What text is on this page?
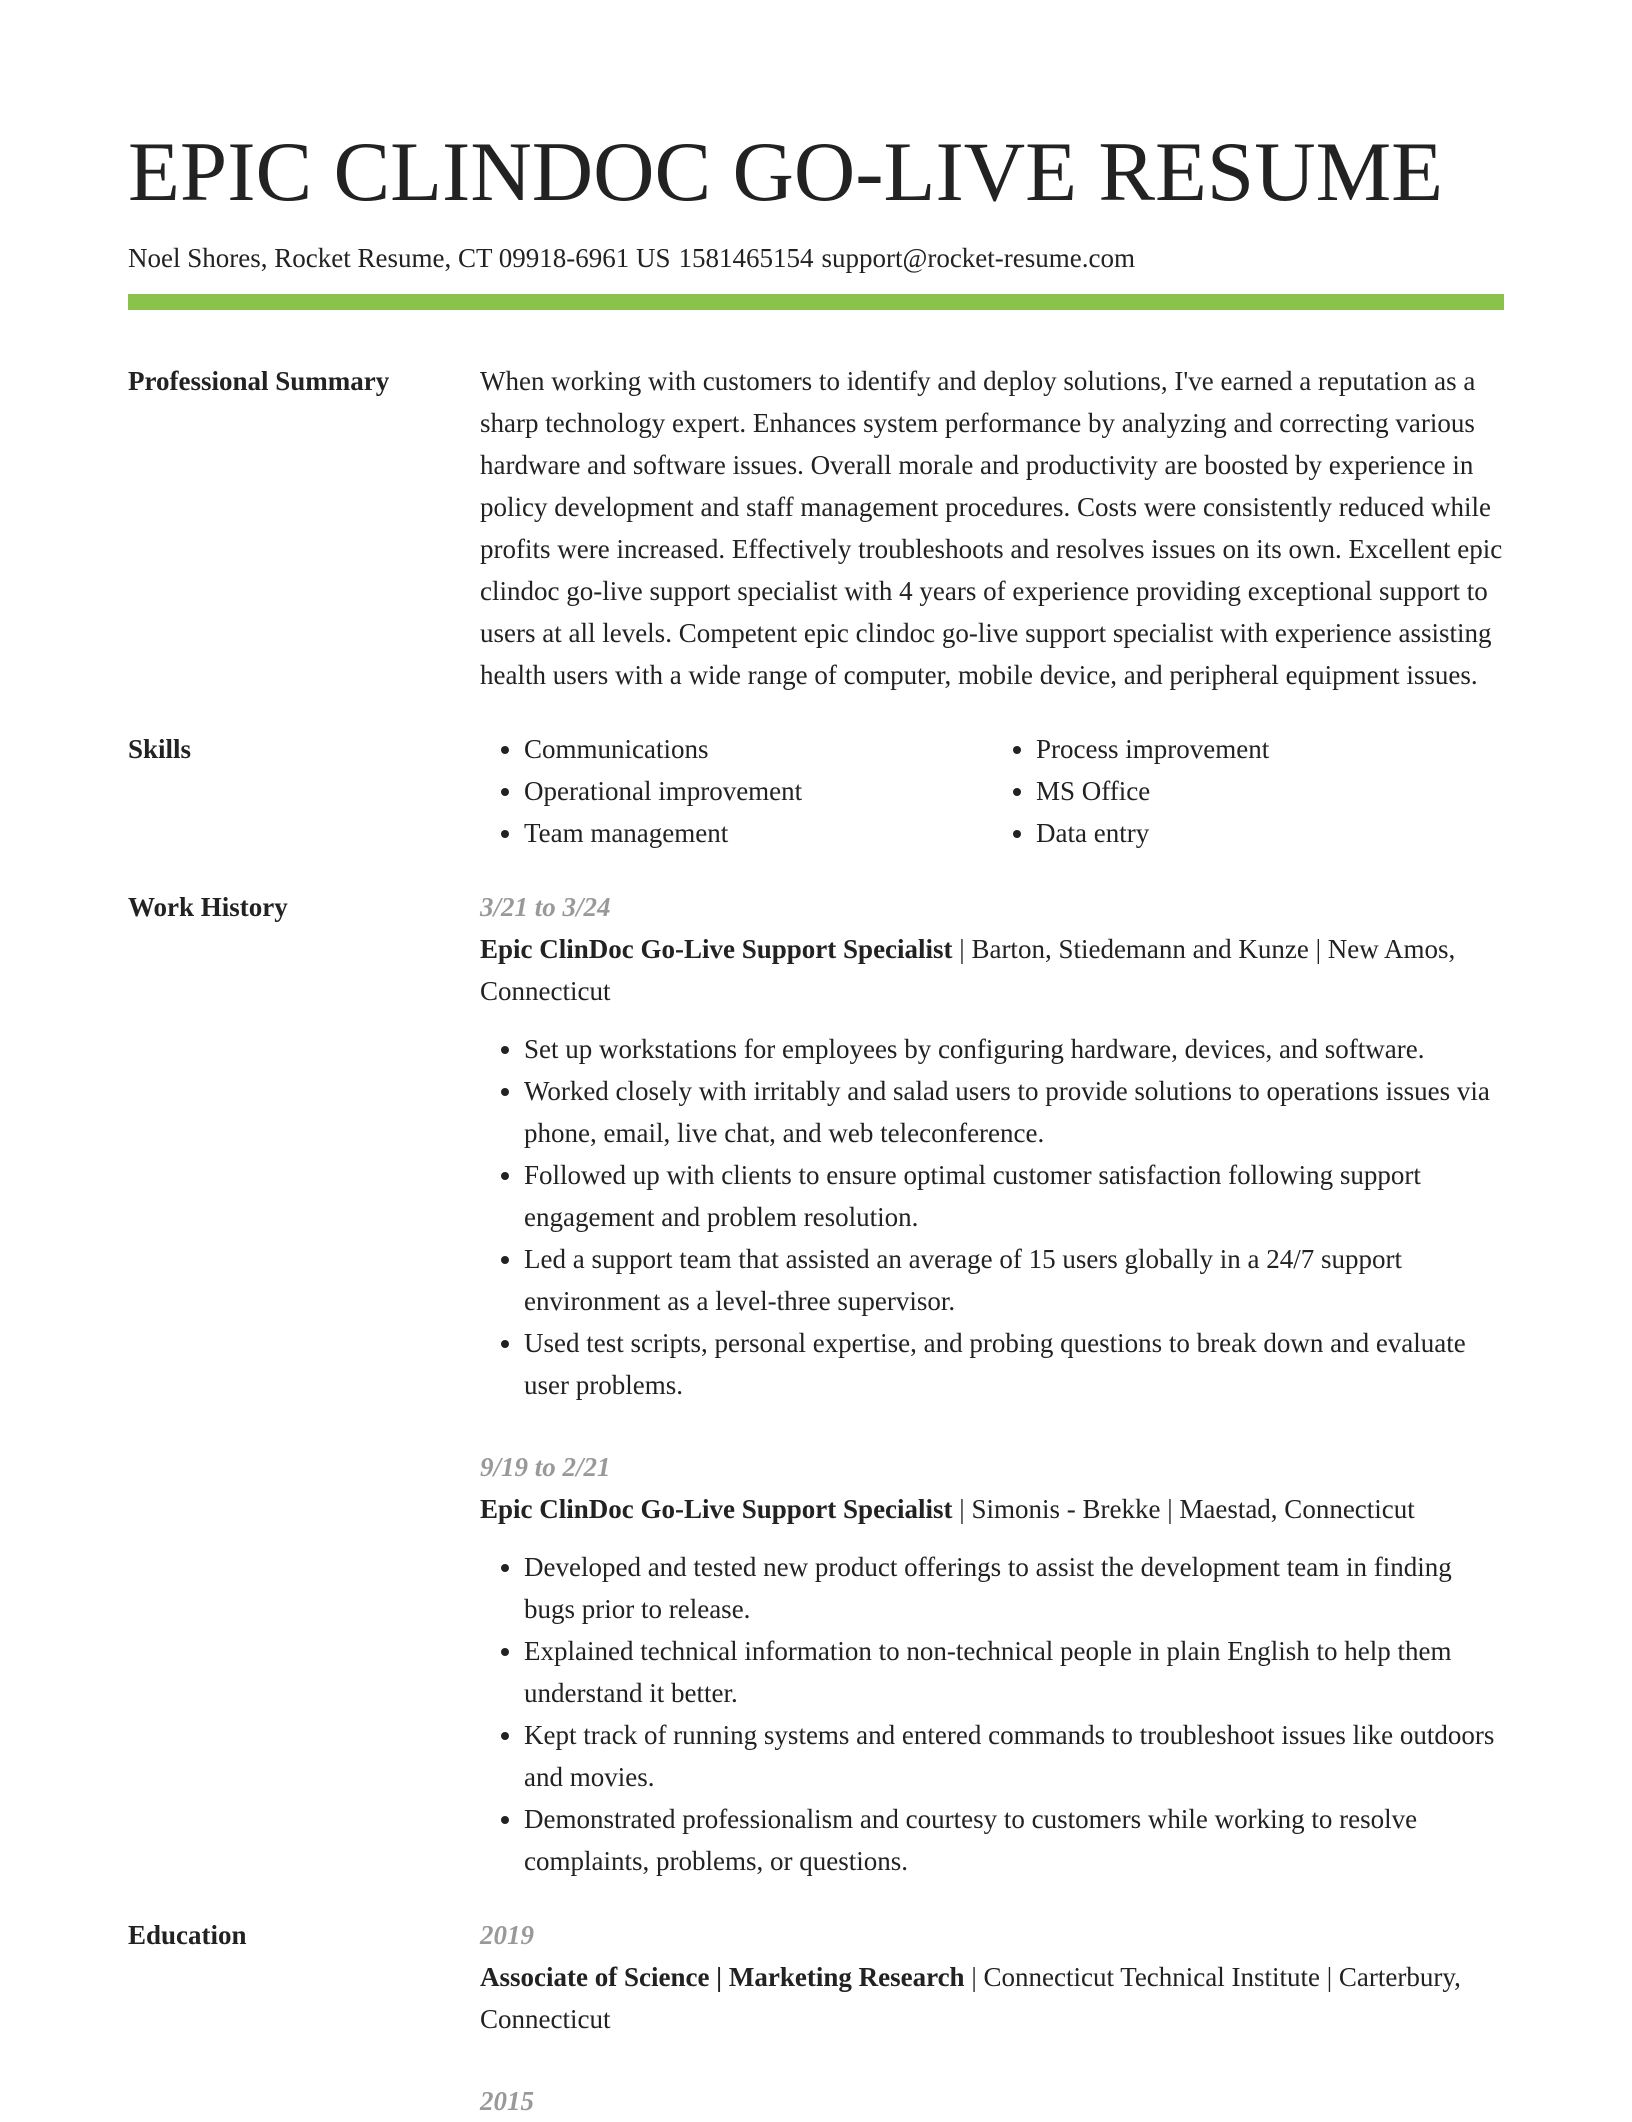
EPIC CLINDOC GO-LIVE RESUME
Noel Shores, Rocket Resume, CT 09918-6961 US 1581465154 support@rocket-resume.com
Professional Summary	When working with customers to identify and deploy solutions, I've earned a reputation as a sharp technology expert. Enhances system performance by analyzing and correcting various hardware and software issues. Overall morale and productivity are boosted by experience in policy development and staff management procedures. Costs were consistently reduced while profits were increased. Effectively troubleshoots and resolves issues on its own. Excellent epic clindoc go-live support specialist with 4 years of experience providing exceptional support to users at all levels. Competent epic clindoc go-live support specialist with experience assisting health users with a wide range of computer, mobile device, and peripheral equipment issues.
Skills
•	Communications
• Operational improvement
• Team management
• Process improvement
• MS Office
• Data entry
Work History	3/21 to 3/24
Epic ClinDoc Go-Live Support Specialist | Barton, Stiedemann and Kunze | New Amos, Connecticut
• Set up workstations for employees by configuring hardware, devices, and software.
• Worked closely with irritably and salad users to provide solutions to operations issues via phone, email, live chat, and web teleconference.
• Followed up with clients to ensure optimal customer satisfaction following support engagement and problem resolution.
• Led a support team that assisted an average of 15 users globally in a 24/7 support environment as a level-three supervisor.
• Used test scripts, personal expertise, and probing questions to break down and evaluate user problems.
9/19 to 2/21
Epic ClinDoc Go-Live Support Specialist | Simonis - Brekke | Maestad, Connecticut
• Developed and tested new product offerings to assist the development team in finding bugs prior to release.
• Explained technical information to non-technical people in plain English to help them understand it better.
• Kept track of running systems and entered commands to troubleshoot issues like outdoors and movies.
• Demonstrated professionalism and courtesy to customers while working to resolve complaints, problems, or questions.
Education	2019
Associate of Science | Marketing Research | Connecticut Technical Institute | Carterbury, Connecticut
2015
